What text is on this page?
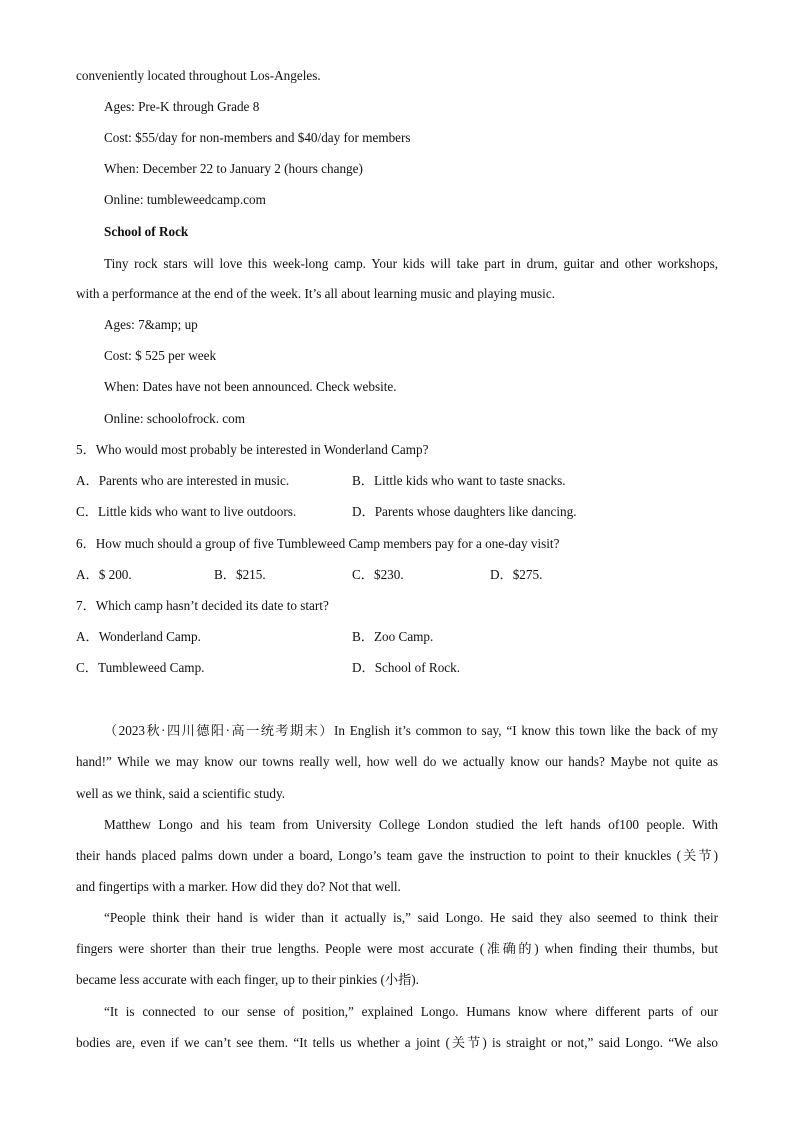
conveniently located throughout Los-Angeles.
Ages: Pre-K through Grade 8
Cost: $55/day for non-members and $40/day for members
When: December 22 to January 2 (hours change)
Online: tumbleweedcamp.com
School of Rock
Tiny rock stars will love this week-long camp. Your kids will take part in drum, guitar and other workshops,
with a performance at the end of the week. It’s all about learning music and playing music.
Ages: 7&amp; up
Cost: $ 525 per week
When: Dates have not been announced. Check website.
Online: schoolofrock. com
5．Who would most probably be interested in Wonderland Camp?
A．Parents who are interested in music.	B．Little kids who want to taste snacks.
C．Little kids who want to live outdoors.	D．Parents whose daughters like dancing.
6．How much should a group of five Tumbleweed Camp members pay for a one-day visit?
A．$ 200.	B．$215.	C．$230.	D．$275.
7．Which camp hasn’t decided its date to start?
A．Wonderland Camp.	B．Zoo Camp.
C．Tumbleweed Camp.	D．School of Rock.
（2023秋·四川德阳·高一统考期末）In English it’s common to say, “I know this town like the back of my
hand!” While we may know our towns really well, how well do we actually know our hands? Maybe not quite as
well as we think, said a scientific study.
Matthew Longo and his team from University College London studied the left hands of100 people. With
their hands placed palms down under a board, Longo’s team gave the instruction to point to their knuckles (关节)
and fingertips with a marker. How did they do? Not that well.
“People think their hand is wider than it actually is,” said Longo. He said they also seemed to think their
fingers were shorter than their true lengths. People were most accurate (准确的) when finding their thumbs, but
became less accurate with each finger, up to their pinkies (小指).
“It is connected to our sense of position,” explained Longo. Humans know where different parts of our
bodies are, even if we can’t see them. “It tells us whether a joint (关节) is straight or not,” said Longo. “We also
